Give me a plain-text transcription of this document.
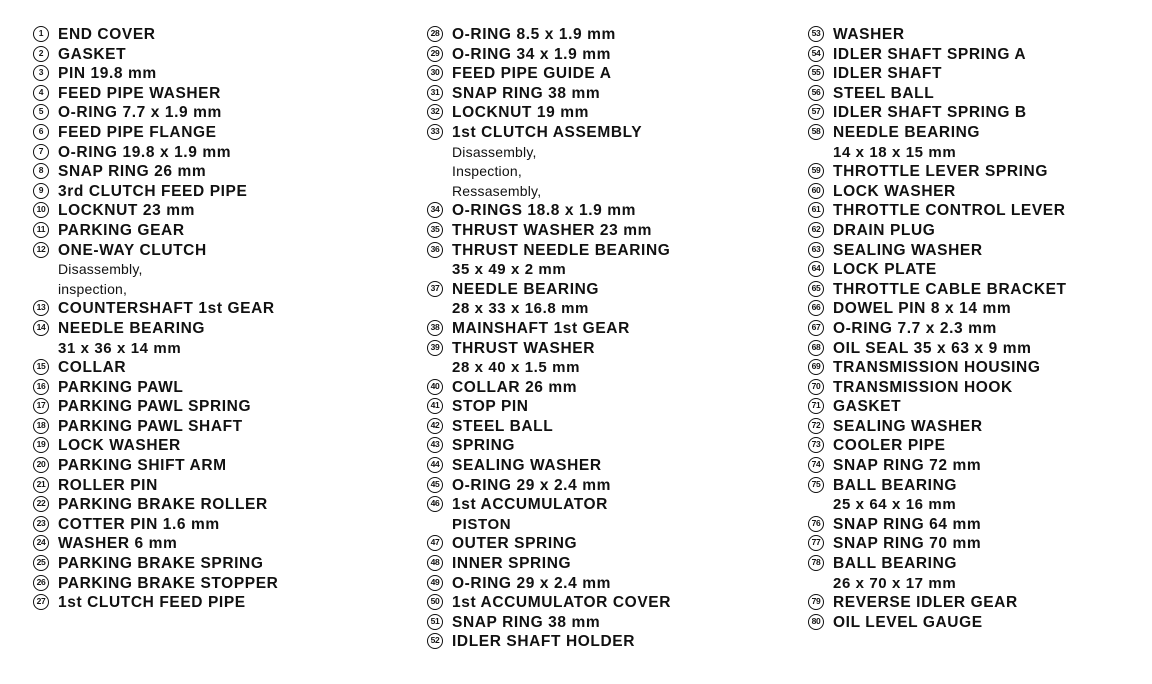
1 END COVER
2 GASKET
3 PIN 19.8 mm
4 FEED PIPE WASHER
5 O-RING 7.7 x 1.9 mm
6 FEED PIPE FLANGE
7 O-RING 19.8 x 1.9 mm
8 SNAP RING 26 mm
9 3rd CLUTCH FEED PIPE
10 LOCKNUT 23 mm
11 PARKING GEAR
12 ONE-WAY CLUTCH
Disassembly,
inspection,
13 COUNTERSHAFT 1st GEAR
14 NEEDLE BEARING
31 x 36 x 14 mm
15 COLLAR
16 PARKING PAWL
17 PARKING PAWL SPRING
18 PARKING PAWL SHAFT
19 LOCK WASHER
20 PARKING SHIFT ARM
21 ROLLER PIN
22 PARKING BRAKE ROLLER
23 COTTER PIN 1.6 mm
24 WASHER 6 mm
25 PARKING BRAKE SPRING
26 PARKING BRAKE STOPPER
27 1st CLUTCH FEED PIPE
28 O-RING 8.5 x 1.9 mm
29 O-RING 34 x 1.9 mm
30 FEED PIPE GUIDE A
31 SNAP RING 38 mm
32 LOCKNUT 19 mm
33 1st CLUTCH ASSEMBLY
Disassembly,
Inspection,
Ressasembly,
34 O-RINGS 18.8 x 1.9 mm
35 THRUST WASHER 23 mm
36 THRUST NEEDLE BEARING
35 x 49 x 2 mm
37 NEEDLE BEARING
28 x 33 x 16.8 mm
38 MAINSHAFT 1st GEAR
39 THRUST WASHER
28 x 40 x 1.5 mm
40 COLLAR 26 mm
41 STOP PIN
42 STEEL BALL
43 SPRING
44 SEALING WASHER
45 O-RING 29 x 2.4 mm
46 1st ACCUMULATOR
PISTON
47 OUTER SPRING
48 INNER SPRING
49 O-RING 29 x 2.4 mm
50 1st ACCUMULATOR COVER
51 SNAP RING 38 mm
52 IDLER SHAFT HOLDER
53 WASHER
54 IDLER SHAFT SPRING A
55 IDLER SHAFT
56 STEEL BALL
57 IDLER SHAFT SPRING B
58 NEEDLE BEARING
14 x 18 x 15 mm
59 THROTTLE LEVER SPRING
60 LOCK WASHER
61 THROTTLE CONTROL LEVER
62 DRAIN PLUG
63 SEALING WASHER
64 LOCK PLATE
65 THROTTLE CABLE BRACKET
66 DOWEL PIN 8 x 14 mm
67 O-RING 7.7 x 2.3 mm
68 OIL SEAL 35 x 63 x 9 mm
69 TRANSMISSION HOUSING
70 TRANSMISSION HOOK
71 GASKET
72 SEALING WASHER
73 COOLER PIPE
74 SNAP RING 72 mm
75 BALL BEARING
25 x 64 x 16 mm
76 SNAP RING 64 mm
77 SNAP RING 70 mm
78 BALL BEARING
26 x 70 x 17 mm
79 REVERSE IDLER GEAR
80 OIL LEVEL GAUGE
